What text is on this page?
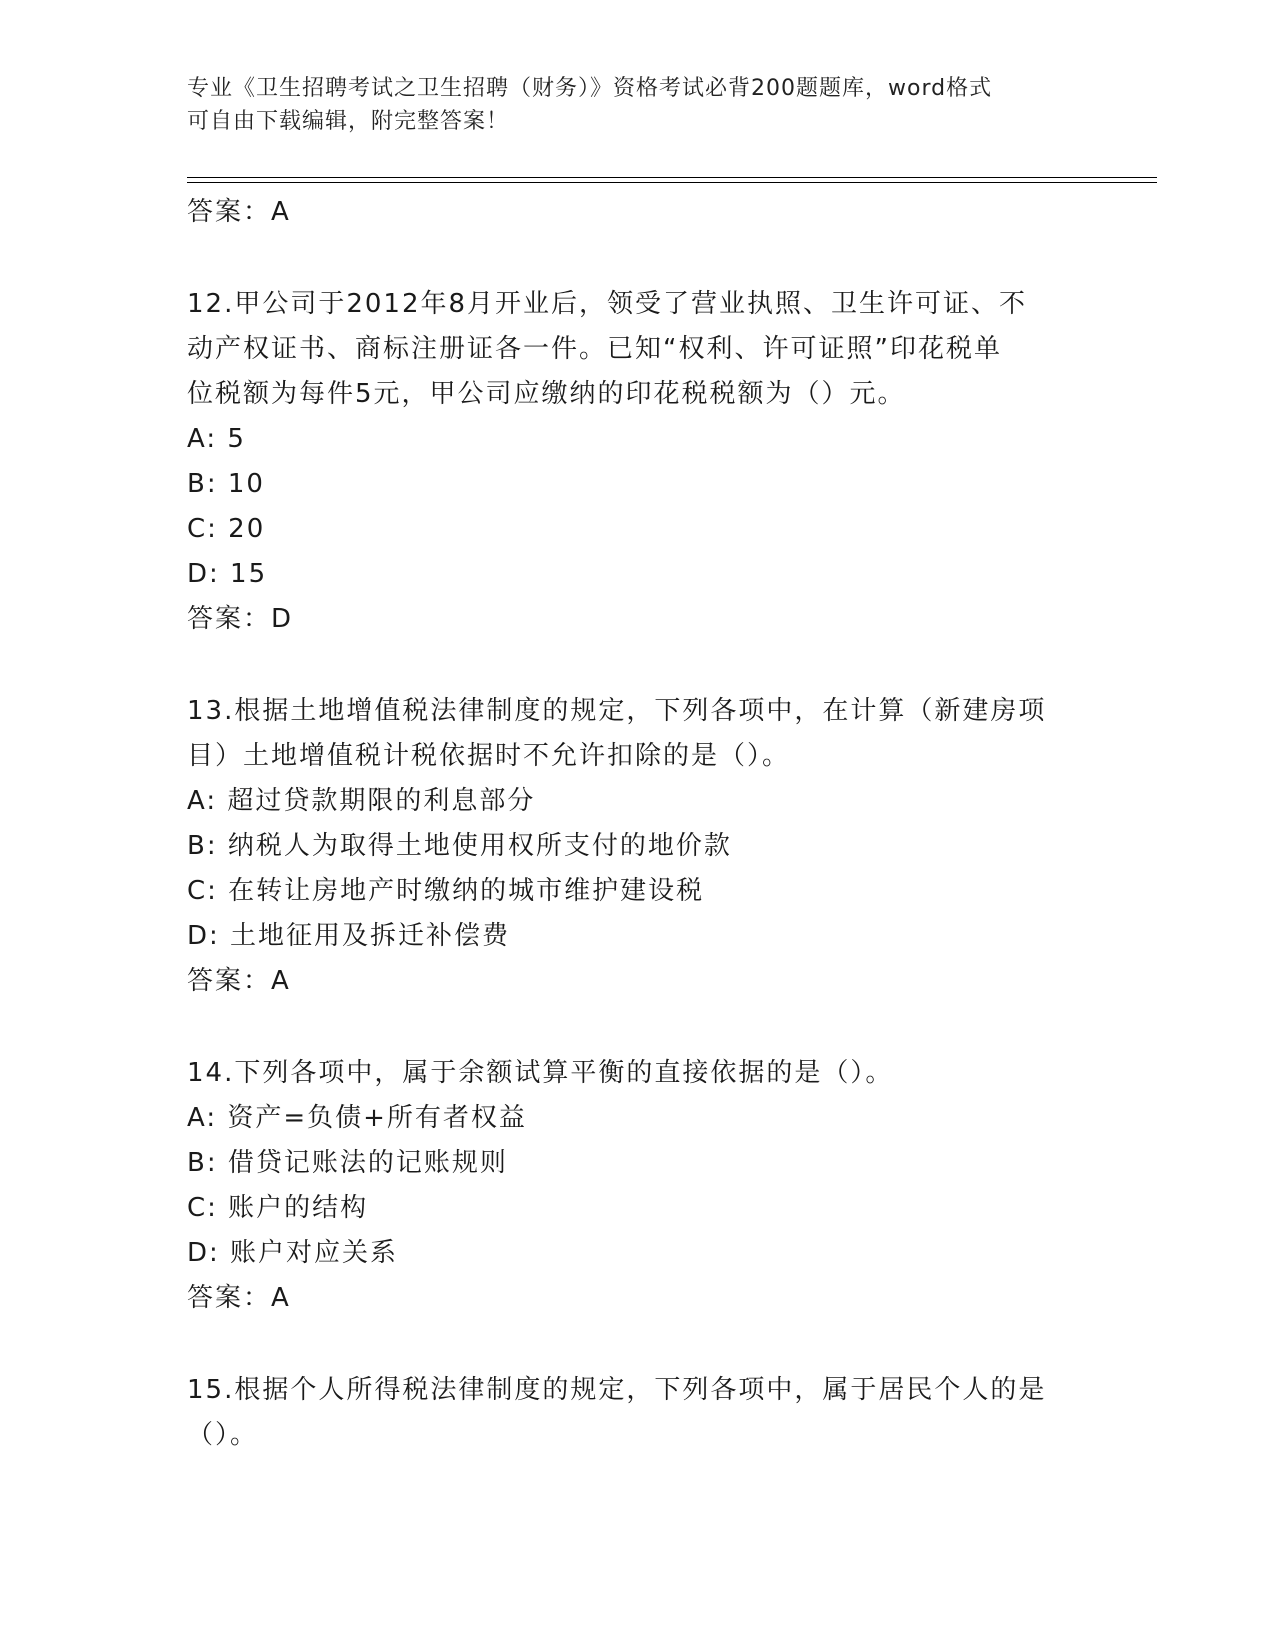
专业《卫生招聘考试之卫生招聘（财务）》资格考试必背200题题库，word格式
可自由下载编辑，附完整答案！
答案：A
12.甲公司于2012年8月开业后，领受了营业执照、卫生许可证、不
动产权证书、商标注册证各一件。已知“权利、许可证照”印花税单
位税额为每件5元，甲公司应缴纳的印花税税额为（）元。
A: 5
B: 10
C: 20
D: 15
答案：D
13.根据土地增值税法律制度的规定，下列各项中，在计算（新建房项
目）土地增值税计税依据时不允许扣除的是（）。
A: 超过贷款期限的利息部分
B: 纳税人为取得土地使用权所支付的地价款
C: 在转让房地产时缴纳的城市维护建设税
D: 土地征用及拆迁补偿费
答案：A
14.下列各项中，属于余额试算平衡的直接依据的是（）。
A: 资产=负债+所有者权益
B: 借贷记账法的记账规则
C: 账户的结构
D: 账户对应关系
答案：A
15.根据个人所得税法律制度的规定，下列各项中，属于居民个人的是
（）。
